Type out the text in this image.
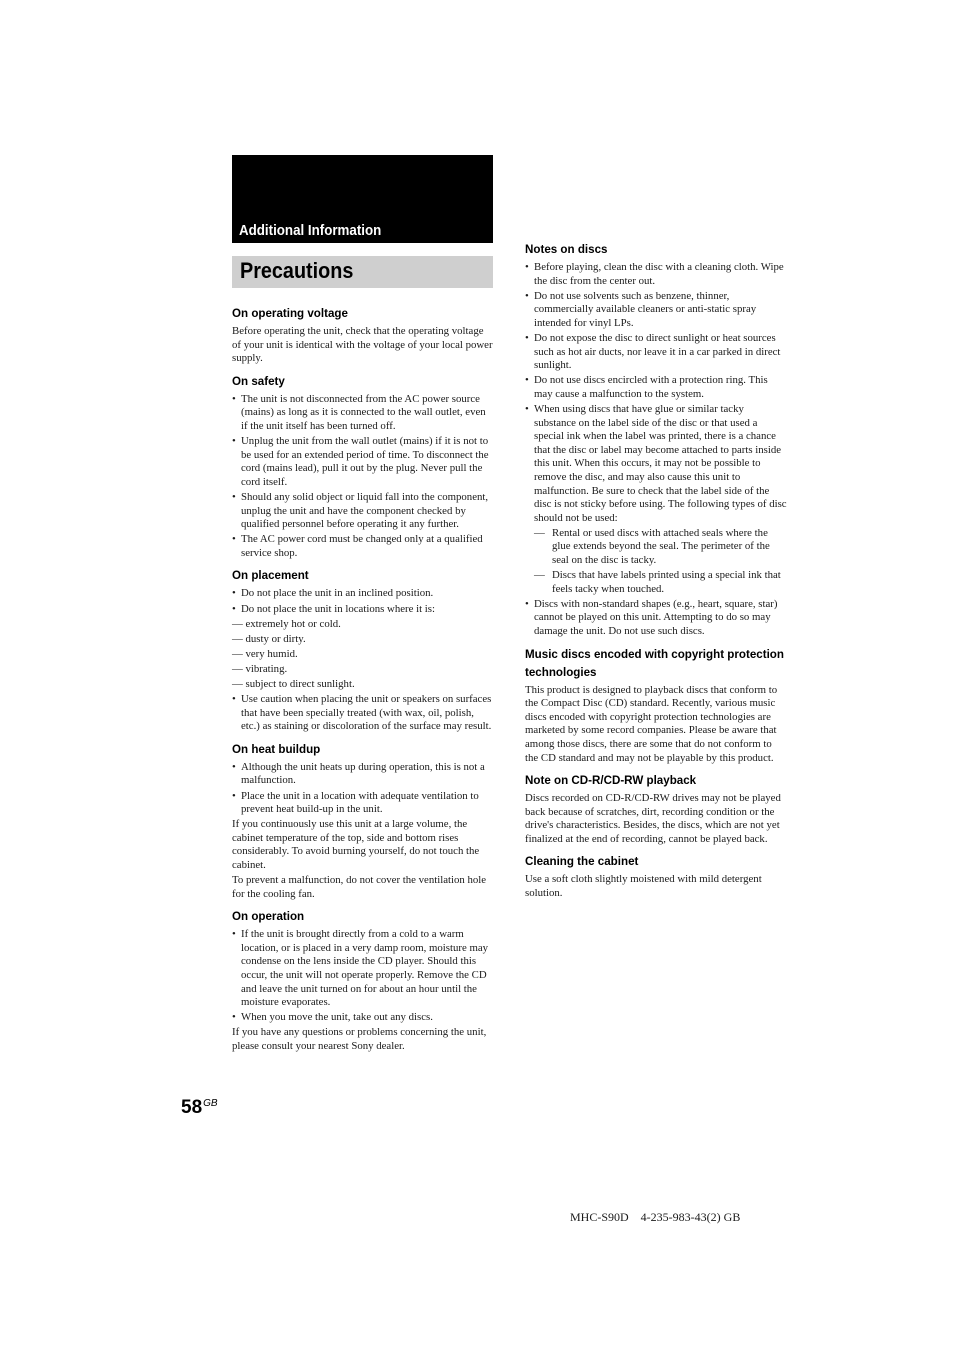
Additional Information
Precautions
On operating voltage
Before operating the unit, check that the operating voltage of your unit is identical with the voltage of your local power supply.
On safety
• The unit is not disconnected from the AC power source (mains) as long as it is connected to the wall outlet, even if the unit itself has been turned off.
• Unplug the unit from the wall outlet (mains) if it is not to be used for an extended period of time. To disconnect the cord (mains lead), pull it out by the plug. Never pull the cord itself.
• Should any solid object or liquid fall into the component, unplug the unit and have the component checked by qualified personnel before operating it any further.
• The AC power cord must be changed only at a qualified service shop.
On placement
• Do not place the unit in an inclined position.
• Do not place the unit in locations where it is:
— extremely hot or cold.
— dusty or dirty.
— very humid.
— vibrating.
— subject to direct sunlight.
• Use caution when placing the unit or speakers on surfaces that have been specially treated (with wax, oil, polish, etc.) as staining or discoloration of the surface may result.
On heat buildup
• Although the unit heats up during operation, this is not a malfunction.
• Place the unit in a location with adequate ventilation to prevent heat build-up in the unit.
If you continuously use this unit at a large volume, the cabinet temperature of the top, side and bottom rises considerably. To avoid burning yourself, do not touch the cabinet.
To prevent a malfunction, do not cover the ventilation hole for the cooling fan.
On operation
• If the unit is brought directly from a cold to a warm location, or is placed in a very damp room, moisture may condense on the lens inside the CD player. Should this occur, the unit will not operate properly. Remove the CD and leave the unit turned on for about an hour until the moisture evaporates.
• When you move the unit, take out any discs.
If you have any questions or problems concerning the unit, please consult your nearest Sony dealer.
Notes on discs
• Before playing, clean the disc with a cleaning cloth. Wipe the disc from the center out.
• Do not use solvents such as benzene, thinner, commercially available cleaners or anti-static spray intended for vinyl LPs.
• Do not expose the disc to direct sunlight or heat sources such as hot air ducts, nor leave it in a car parked in direct sunlight.
• Do not use discs encircled with a protection ring. This may cause a malfunction to the system.
• When using discs that have glue or similar tacky substance on the label side of the disc or that used a special ink when the label was printed, there is a chance that the disc or label may become attached to parts inside this unit. When this occurs, it may not be possible to remove the disc, and may also cause this unit to malfunction. Be sure to check that the label side of the disc is not sticky before using. The following types of disc should not be used:
— Rental or used discs with attached seals where the glue extends beyond the seal. The perimeter of the seal on the disc is tacky.
— Discs that have labels printed using a special ink that feels tacky when touched.
• Discs with non-standard shapes (e.g., heart, square, star) cannot be played on this unit. Attempting to do so may damage the unit. Do not use such discs.
Music discs encoded with copyright protection technologies
This product is designed to playback discs that conform to the Compact Disc (CD) standard. Recently, various music discs encoded with copyright protection technologies are marketed by some record companies. Please be aware that among those discs, there are some that do not conform to the CD standard and may not be playable by this product.
Note on CD-R/CD-RW playback
Discs recorded on CD-R/CD-RW drives may not be played back because of scratches, dirt, recording condition or the drive's characteristics. Besides, the discs, which are not yet finalized at the end of recording, cannot be played back.
Cleaning the cabinet
Use a soft cloth slightly moistened with mild detergent solution.
$58^{GB}$
MHC-S90D    4-235-983-43(2) GB
